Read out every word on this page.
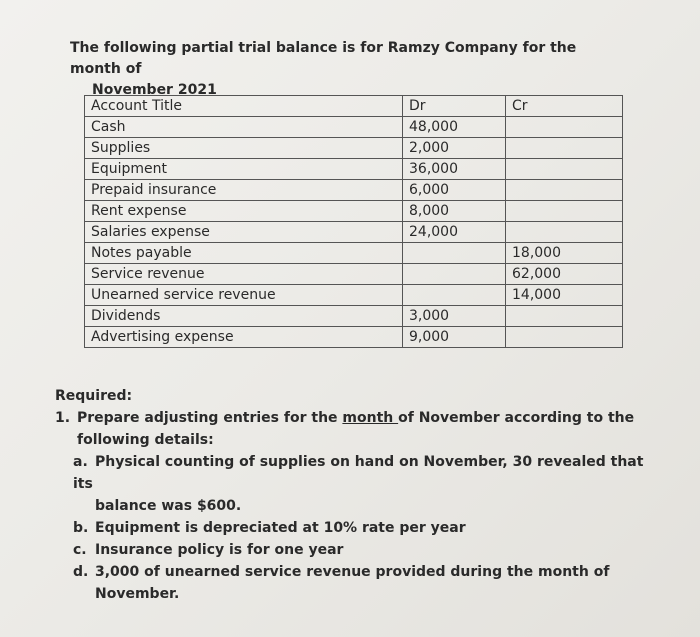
The following partial trial balance is for Ramzy Company for the month of
November 2021
Account Title	Dr	Cr
Cash	48,000	
Supplies	2,000	
Equipment	36,000	
Prepaid insurance	6,000	
Rent expense	8,000	
Salaries expense	24,000	
Notes payable		18,000
Service revenue		62,000
Unearned service revenue		14,000
Dividends	3,000	
Advertising expense	9,000	
Required:
1. Prepare adjusting entries for the month of November according to the
following details:
a. Physical counting of supplies on hand on November, 30 revealed that its
balance was $600.
b. Equipment is depreciated at 10% rate per year
c. Insurance policy is for one year
d. 3,000 of unearned service revenue provided during the month of
November.
